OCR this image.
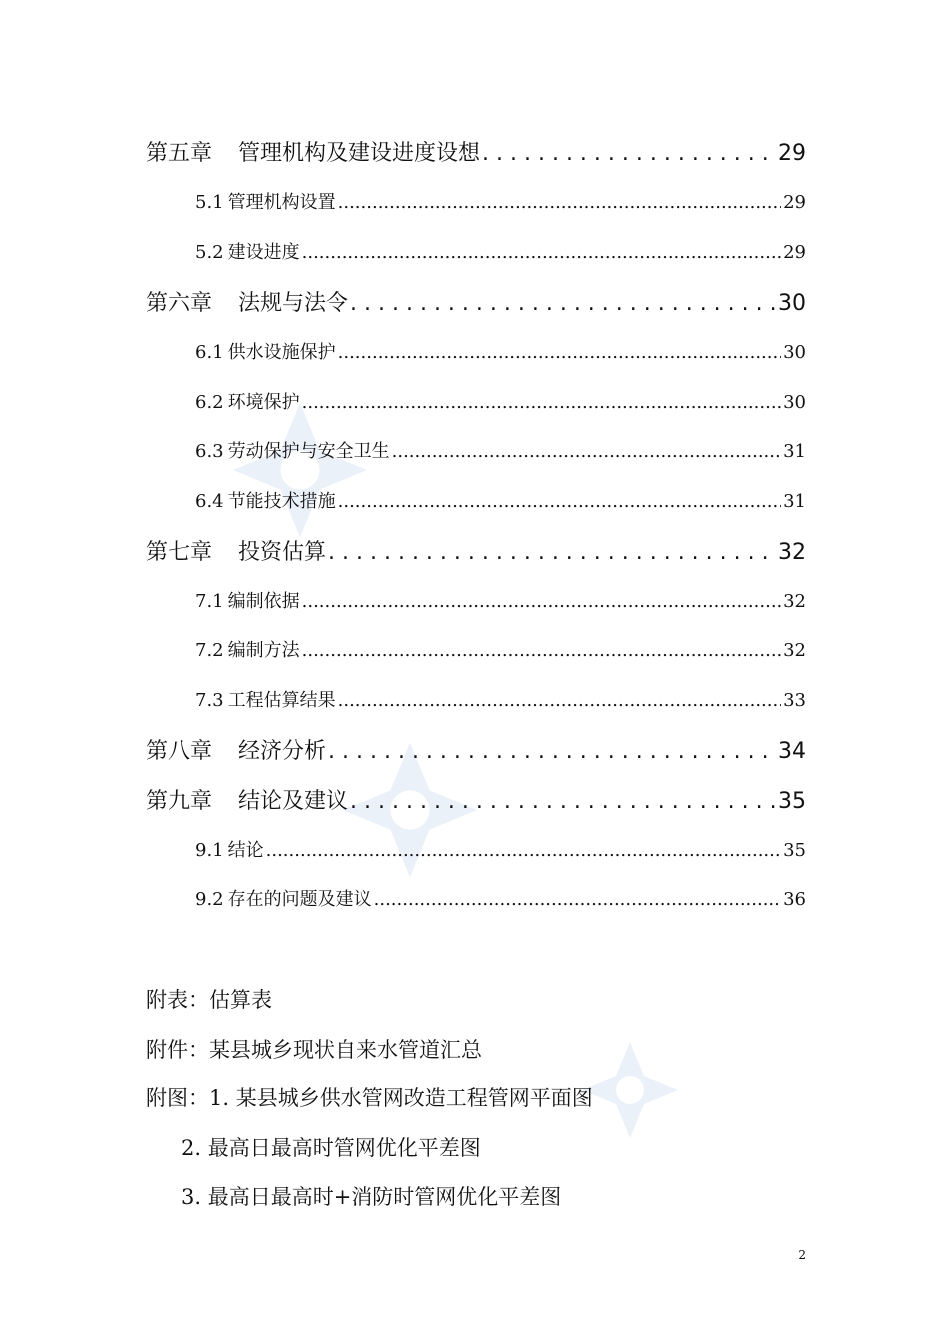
第五章 管理机构及建设进度设想 . . .	29
5.1 管理机构设置 .....	29
5.2 建设进度 .....	29
第六章 法规与法令 . . .	30
6.1 供水设施保护 .....	30
6.2 环境保护 .....	30
6.3 劳动保护与安全卫生 .....	31
6.4 节能技术措施 .....	31
第七章 投资估算 . . .	32
7.1 编制依据 .....	32
7.2 编制方法 .....	32
7.3 工程估算结果 .....	33
第八章 经济分析 . . .	34
第九章 结论及建议 . . .	35
9.1 结论 .....	35
9.2 存在的问题及建议 .....	36
附表：估算表
附件：某县城乡现状自来水管道汇总
附图：1. 某县城乡供水管网改造工程管网平面图
2. 最高日最高时管网优化平差图
3. 最高日最高时+消防时管网优化平差图
2
